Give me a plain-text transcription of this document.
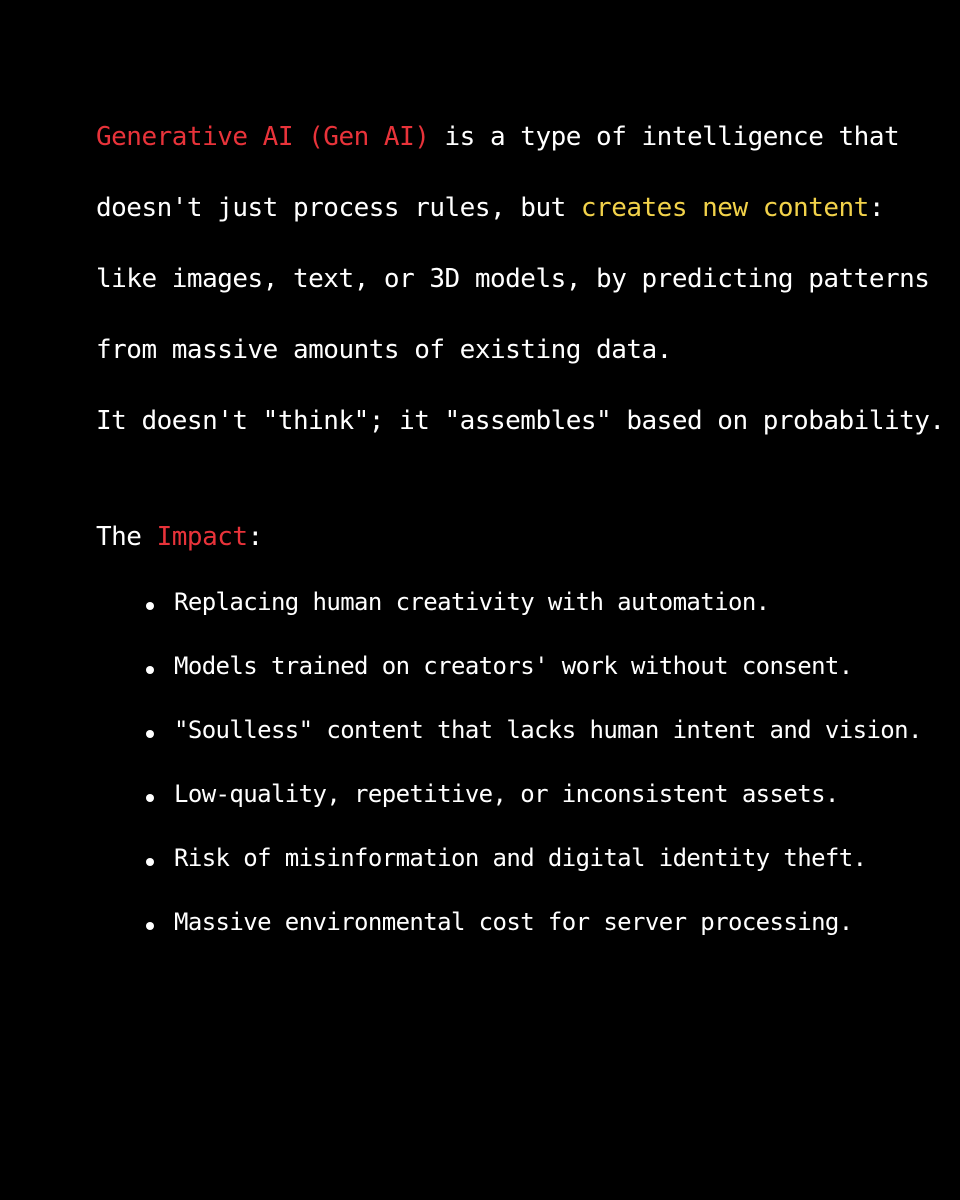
Generative AI (Gen AI) is a type of intelligence that
doesn't just process rules, but creates new content:
like images, text, or 3D models, by predicting patterns
from massive amounts of existing data.
It doesn't "think"; it "assembles" based on probability.

The Impact:

Replacing human creativity with automation.
Models trained on creators' work without consent.
"Soulless" content that lacks human intent and vision.
Low-quality, repetitive, or inconsistent assets.
Risk of misinformation and digital identity theft.
Massive environmental cost for server processing.
